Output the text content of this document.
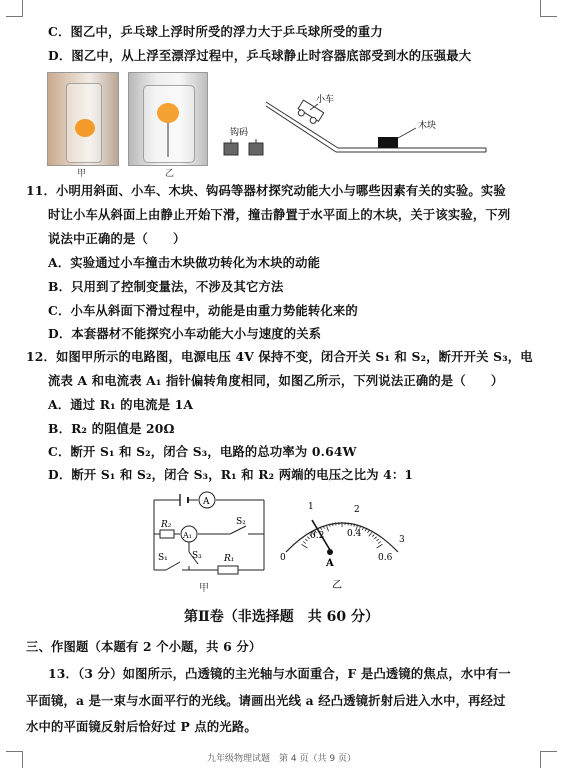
C．图乙中，乒乓球上浮时所受的浮力大于乒乓球所受的重力
D．图乙中，从上浮至漂浮过程中，乒乓球静止时容器底部受到水的压强最大
甲	乙
小车
木块
钩码
11．小明用斜面、小车、木块、钩码等器材探究动能大小与哪些因素有关的实验。实验
时让小车从斜面上由静止开始下滑，撞击静置于水平面上的木块，关于该实验，下列
说法中正确的是（　　）
A．实验通过小车撞击木块做功转化为木块的动能
B．只用到了控制变量法，不涉及其它方法
C．小车从斜面下滑过程中，动能是由重力势能转化来的
D．本套器材不能探究小车动能大小与速度的关系
12．如图甲所示的电路图，电源电压 4V 保持不变，闭合开关 S₁ 和 S₂，断开开关 S₃，电
流表 A 和电流表 A₁ 指针偏转角度相同，如图乙所示，下列说法正确的是（　　）
A．通过 R₁ 的电流是 1A
B．R₂ 的阻值是 20Ω
C．断开 S₁ 和 S₂，闭合 S₃，电路的总功率为 0.64W
D．断开 S₁ 和 S₂，闭合 S₃，R₁ 和 R₂ 两端的电压之比为 4：1
A
A₁
R₂	S₂
S₁	S₃ R₁
甲
1	2
3
0
0.2	0.4
0.6
A
乙
第Ⅱ卷（非选择题　共 60 分）
三、作图题（本题有 2 个小题，共 6 分）
13．（3 分）如图所示，凸透镜的主光轴与水面重合，F 是凸透镜的焦点，水中有一
平面镜，a 是一束与水面平行的光线。请画出光线 a 经凸透镜折射后进入水中，再经过
水中的平面镜反射后恰好过 P 点的光路。
九年级物理试题　第 4 页（共 9 页）
